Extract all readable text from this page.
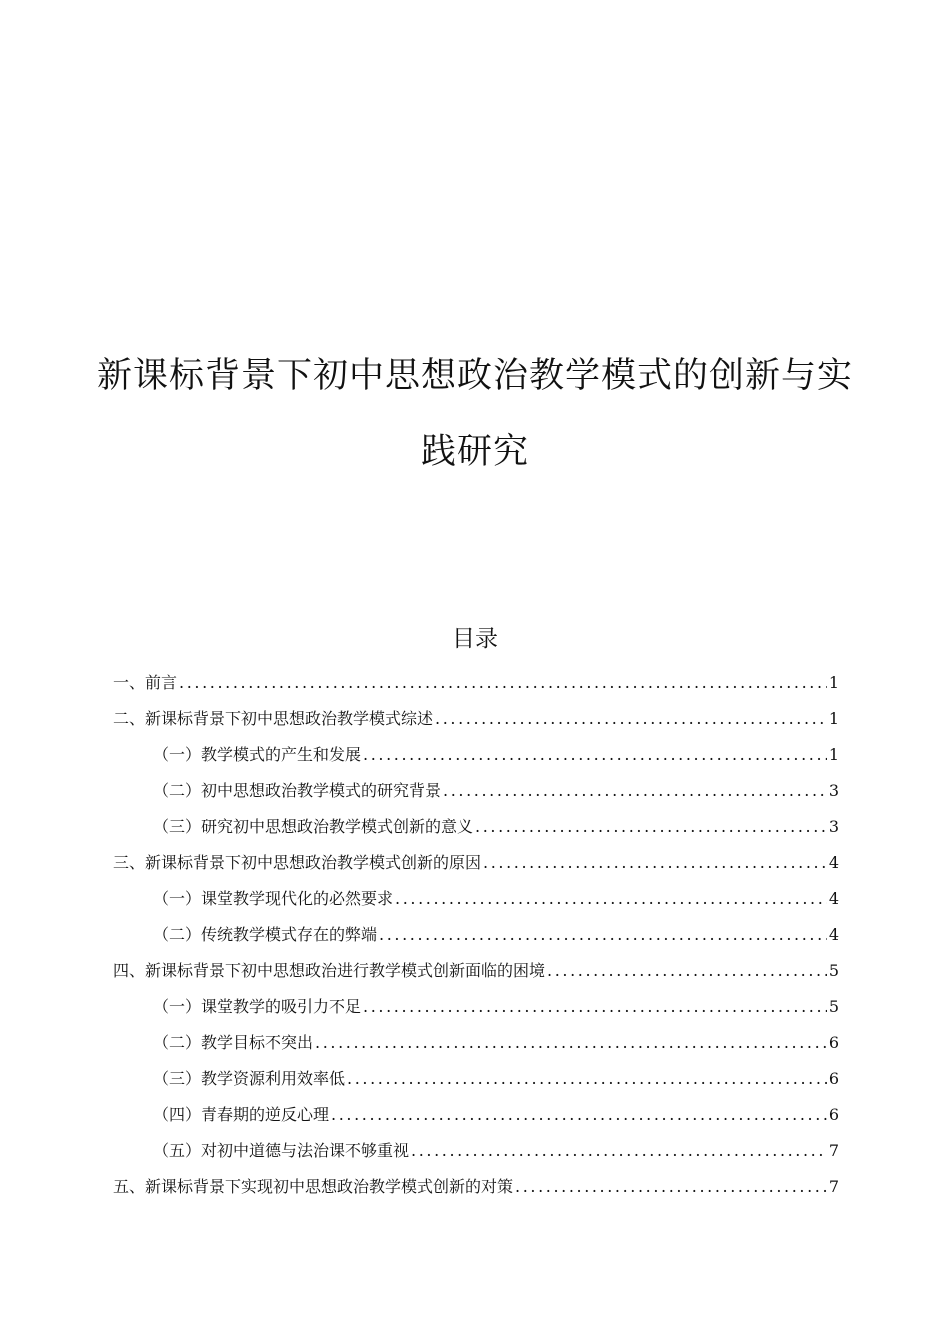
新课标背景下初中思想政治教学模式的创新与实
践研究
目录
一、前言 .....	1
二、新课标背景下初中思想政治教学模式综述 .....	1
（一）教学模式的产生和发展 .....	1
（二）初中思想政治教学模式的研究背景 .....	3
（三）研究初中思想政治教学模式创新的意义 .....	3
三、新课标背景下初中思想政治教学模式创新的原因 .....	4
（一）课堂教学现代化的必然要求 .....	4
（二）传统教学模式存在的弊端 .....	4
四、新课标背景下初中思想政治进行教学模式创新面临的困境 .....	5
（一）课堂教学的吸引力不足 .....	5
（二）教学目标不突出 .....	6
（三）教学资源利用效率低 .....	6
（四）青春期的逆反心理 .....	6
（五）对初中道德与法治课不够重视 .....	7
五、新课标背景下实现初中思想政治教学模式创新的对策 .....	7
